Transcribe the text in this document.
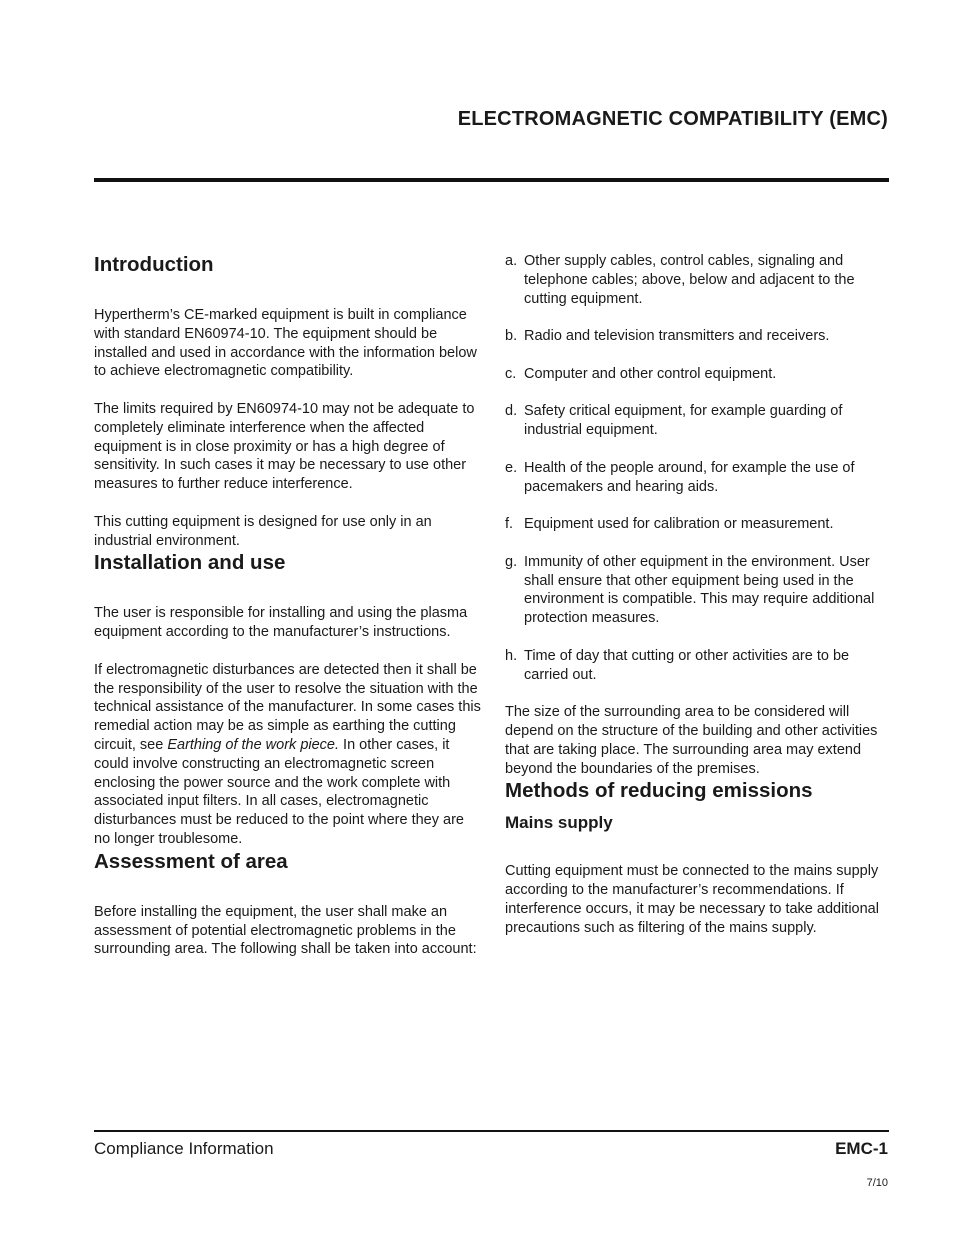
ELECTROMAGNETIC COMPATIBILITY (EMC)
Introduction

Hypertherm’s CE-marked equipment is built in compliance with standard EN60974-10. The equipment should be installed and used in accordance with the information below to achieve electromagnetic compatibility.

The limits required by EN60974-10 may not be adequate to completely eliminate interference when the affected equipment is in close proximity or has a high degree of sensitivity. In such cases it may be necessary to use other measures to further reduce interference.

This cutting equipment is designed for use only in an industrial environment.

Installation and use

The user is responsible for installing and using the plasma equipment according to the manufacturer’s instructions.

If electromagnetic disturbances are detected then it shall be the responsibility of the user to resolve the situation with the technical assistance of the manufacturer. In some cases this remedial action may be as simple as earthing the cutting circuit, see Earthing of the work piece. In other cases, it could involve constructing an electromagnetic screen enclosing the power source and the work complete with associated input filters. In all cases, electromagnetic disturbances must be reduced to the point where they are no longer troublesome.

Assessment of area

Before installing the equipment, the user shall make an assessment of potential electromagnetic problems in the surrounding area. The following shall be taken into account:

a. Other supply cables, control cables, signaling and telephone cables; above, below and adjacent to the cutting equipment.
b. Radio and television transmitters and receivers.
c. Computer and other control equipment.
d. Safety critical equipment, for example guarding of industrial equipment.
e. Health of the people around, for example the use of pacemakers and hearing aids.
f. Equipment used for calibration or measurement.
g. Immunity of other equipment in the environment. User shall ensure that other equipment being used in the environment is compatible. This may require additional protection measures.
h. Time of day that cutting or other activities are to be carried out.

The size of the surrounding area to be considered will depend on the structure of the building and other activities that are taking place. The surrounding area may extend beyond the boundaries of the premises.

Methods of reducing emissions
Mains supply

Cutting equipment must be connected to the mains supply according to the manufacturer’s recommendations. If interference occurs, it may be necessary to take additional precautions such as filtering of the mains supply.

Compliance Information	EMC-1
7/10
